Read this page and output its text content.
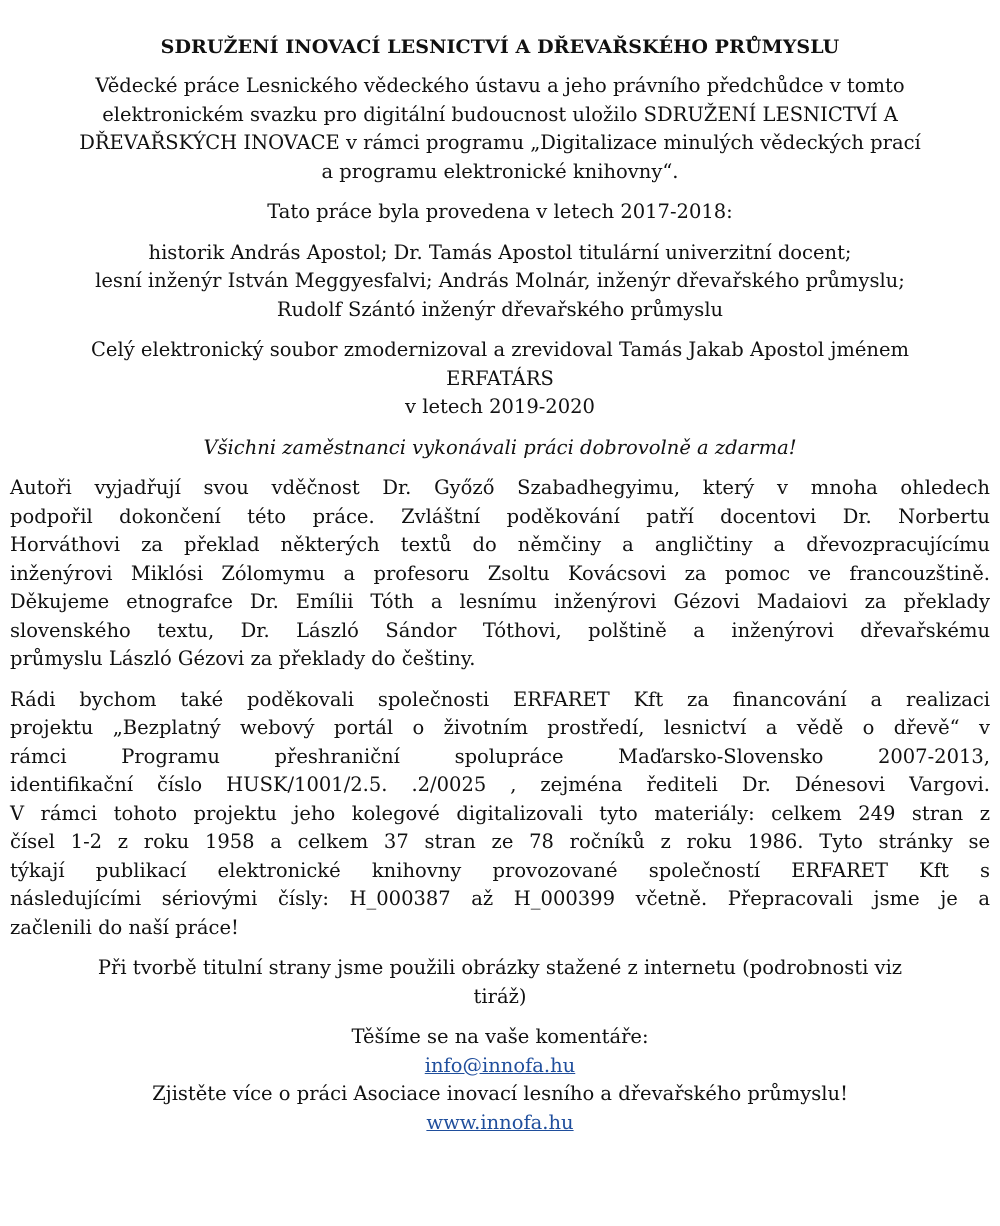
SDRUŽENÍ INOVACÍ LESNICTVÍ A DŘEVAŘSKÉHO PRŮMYSLU

Vědecké práce Lesnického vědeckého ústavu a jeho právního předchůdce v tomto
elektronickém svazku pro digitální budoucnost uložilo SDRUŽENÍ LESNICTVÍ A
DŘEVAŘSKÝCH INOVACE v rámci programu „Digitalizace minulých vědeckých prací
a programu elektronické knihovny“.

Tato práce byla provedena v letech 2017-2018:

historik András Apostol; Dr. Tamás Apostol titulární univerzitní docent;
lesní inženýr István Meggyesfalvi; András Molnár, inženýr dřevařského průmyslu;
Rudolf Szántó inženýr dřevařského průmyslu

Celý elektronický soubor zmodernizoval a zrevidoval Tamás Jakab Apostol jménem
ERFATÁRS
v letech 2019-2020

Všichni zaměstnanci vykonávali práci dobrovolně a zdarma!

Autoři vyjadřují svou vděčnost Dr. Győző Szabadhegyimu, který v mnoha ohledech
podpořil dokončení této práce. Zvláštní poděkování patří docentovi Dr. Norbertu
Horváthovi za překlad některých textů do němčiny a angličtiny a dřevozpracujícímu
inženýrovi Miklósi Zólomymu a profesoru Zsoltu Kovácsovi za pomoc ve francouzštině.
Děkujeme etnografce Dr. Emílii Tóth a lesnímu inženýrovi Gézovi Madaiovi za překlady
slovenského textu, Dr. László Sándor Tóthovi, polštině a inženýrovi dřevařskému
průmyslu László Gézovi za překlady do češtiny.

Rádi bychom také poděkovali společnosti ERFARET Kft za financování a realizaci
projektu „Bezplatný webový portál o životním prostředí, lesnictví a vědě o dřevě“ v
rámci Programu přeshraniční spolupráce Maďarsko-Slovensko 2007-2013,
identifikační číslo HUSK/1001/2.5. .2/0025 , zejména řediteli Dr. Dénesovi Vargovi.
V rámci tohoto projektu jeho kolegové digitalizovali tyto materiály: celkem 249 stran z
čísel 1-2 z roku 1958 a celkem 37 stran ze 78 ročníků z roku 1986. Tyto stránky se
týkají publikací elektronické knihovny provozované společností ERFARET Kft s
následujícími sériovými čísly: H_000387 až H_000399 včetně. Přepracovali jsme je a
začlenili do naší práce!

Při tvorbě titulní strany jsme použili obrázky stažené z internetu (podrobnosti viz
tiráž)

Těšíme se na vaše komentáře:
info@innofa.hu
Zjistěte více o práci Asociace inovací lesního a dřevařského průmyslu!
www.innofa.hu
